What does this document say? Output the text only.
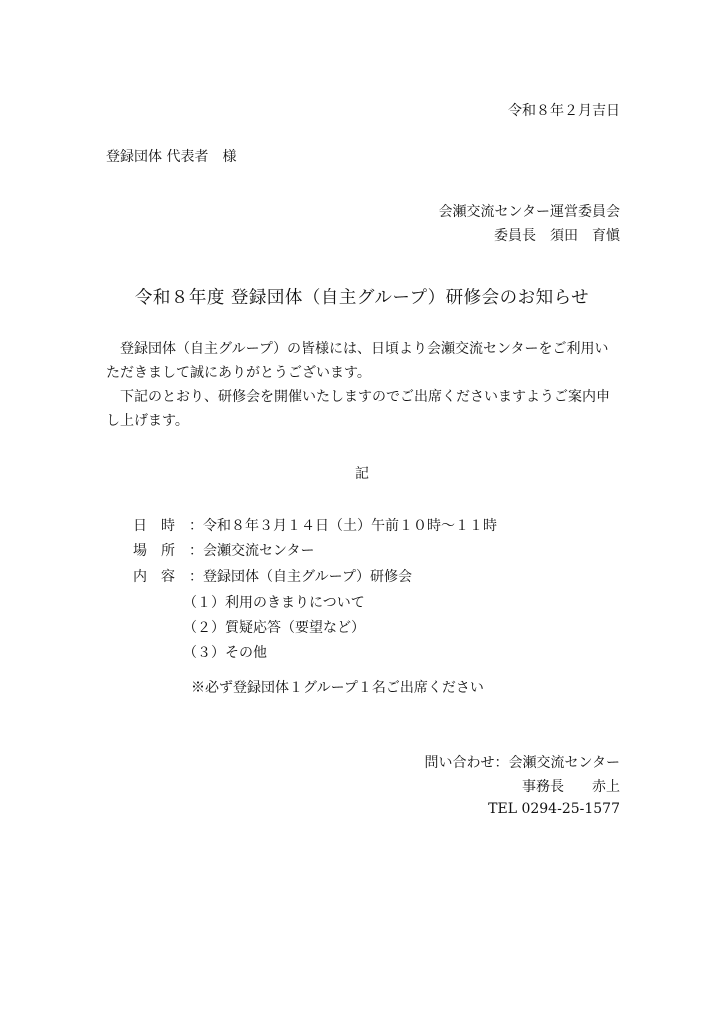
令和８年２月吉日
登録団体 代表者　様
会瀬交流センター運営委員会
委員長　須田　育愼
令和８年度 登録団体（自主グループ）研修会のお知らせ

登録団体（自主グループ）の皆様には、日頃より会瀬交流センターをご利用いただきまして誠にありがとうございます。

下記のとおり、研修会を開催いたしますのでご出席くださいますようご案内申し上げます。

記
日　時 ：令和８年３月１４日（土）午前１０時～１１時
場　所 ：会瀬交流センター
内　容 ：登録団体（自主グループ）研修会
（１）利用のきまりについて
（２）質疑応答（要望など）
（３）その他
※必ず登録団体１グループ１名ご出席ください
問い合わせ：会瀬交流センター
事務長　　赤上
TEL 0294-25-1577
